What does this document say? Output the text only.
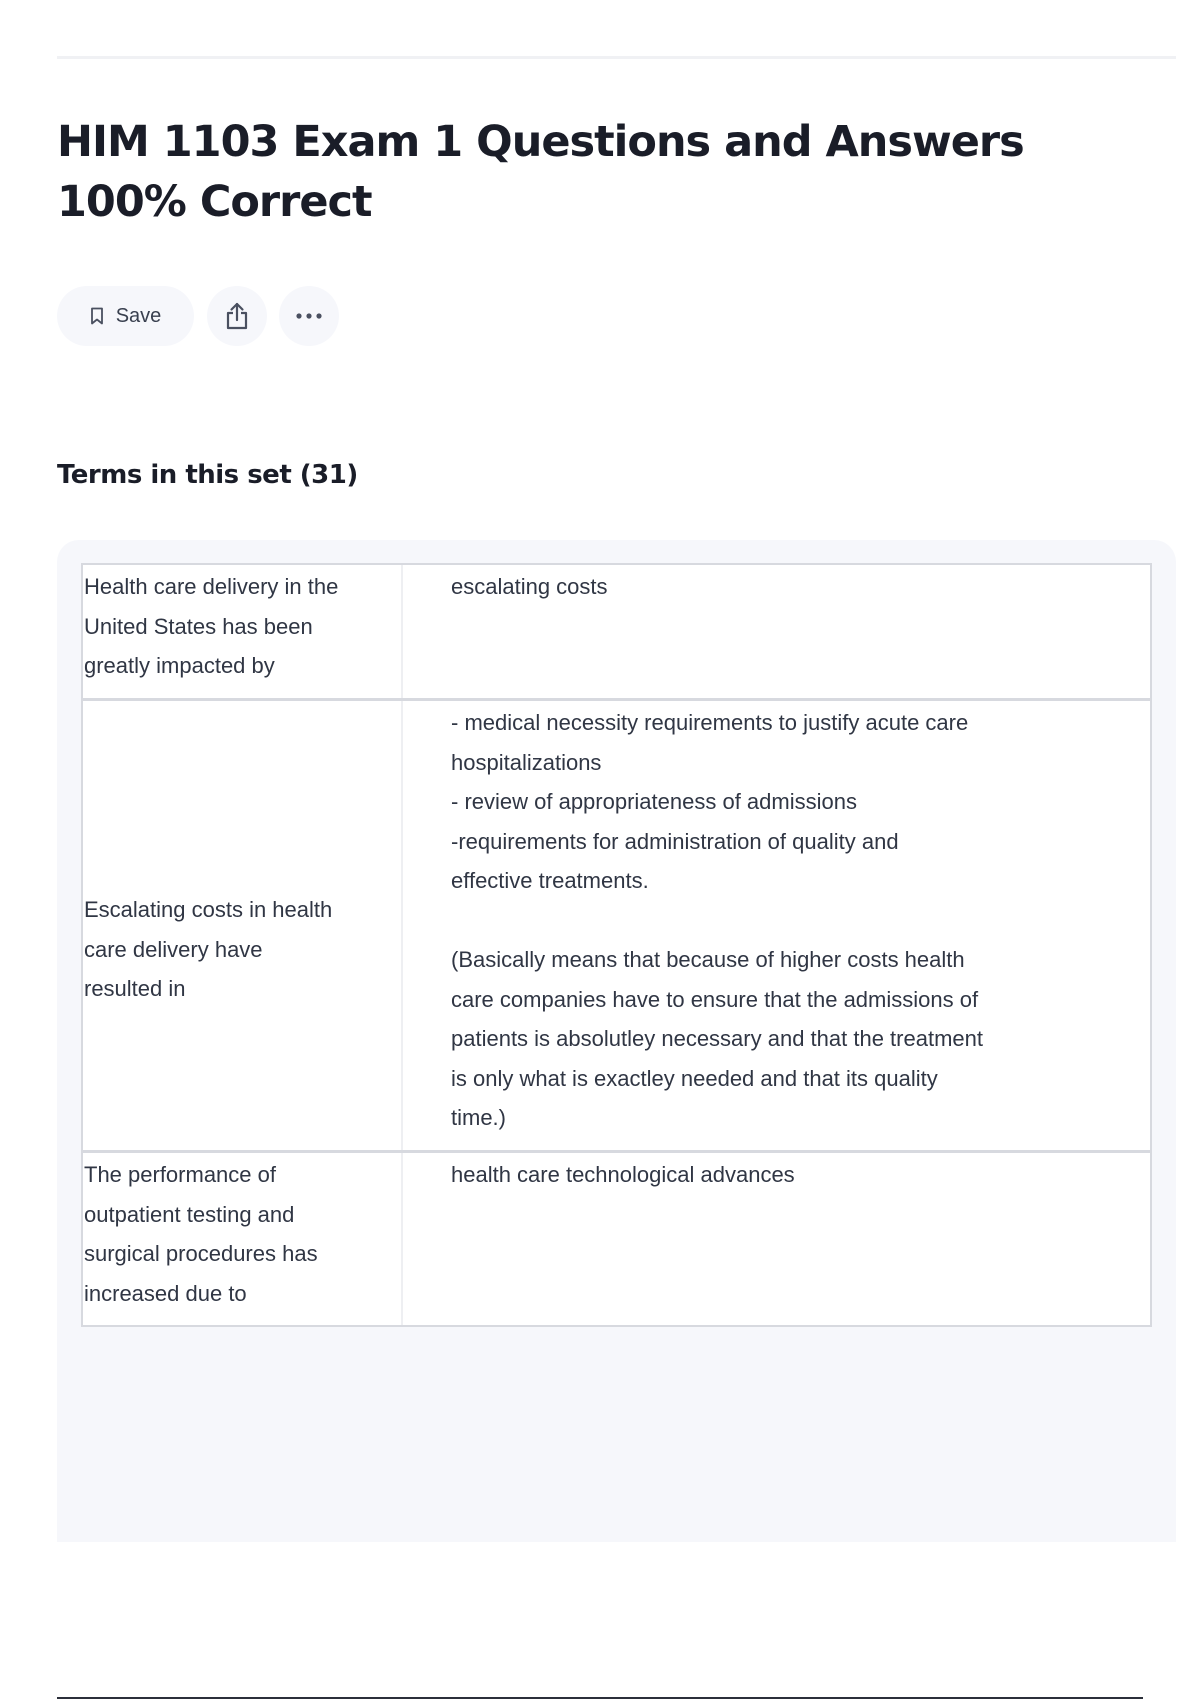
HIM 1103 Exam 1 Questions and Answers 100% Correct
Save
Terms in this set (31)
Health care delivery in the
United States has been
greatly impacted by
escalating costs
Escalating costs in health
care delivery have
resulted in
- medical necessity requirements to justify acute care
hospitalizations
- review of appropriateness of admissions
-requirements for administration of quality and
effective treatments.

(Basically means that because of higher costs health
care companies have to ensure that the admissions of
patients is absolutley necessary and that the treatment
is only what is exactley needed and that its quality
time.)
The performance of
outpatient testing and
surgical procedures has
increased due to
health care technological advances
